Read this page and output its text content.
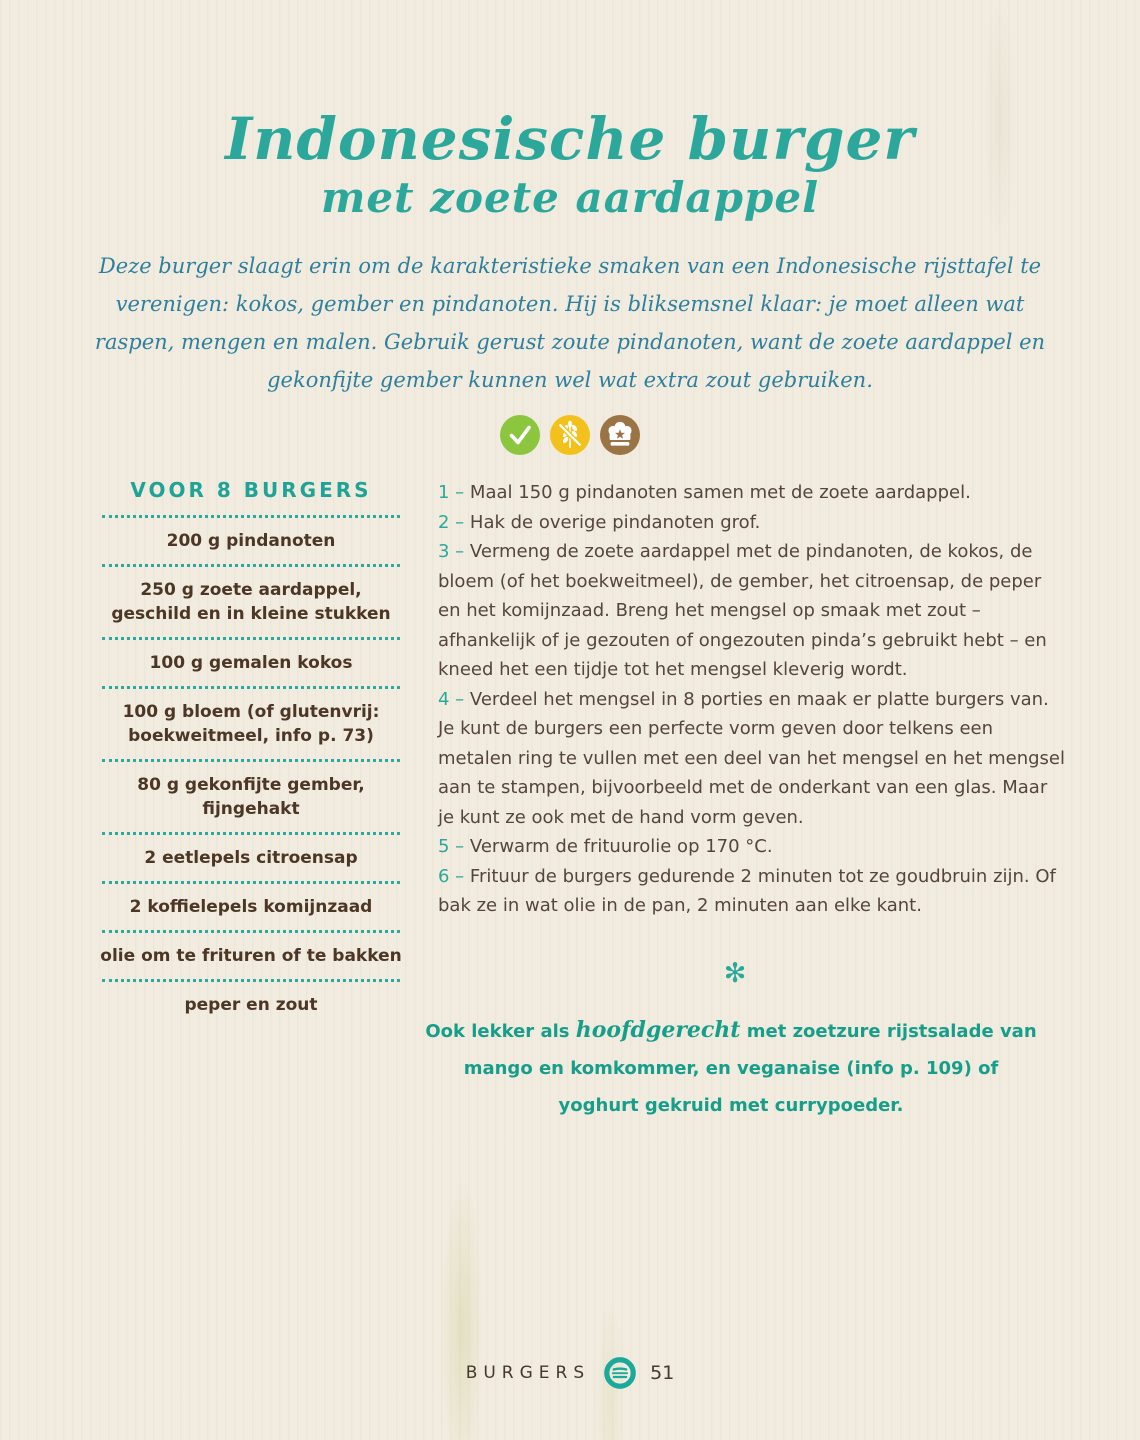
Indonesische burger
met zoete aardappel

Deze burger slaagt erin om de karakteristieke smaken van een Indonesische rijsttafel te verenigen: kokos, gember en pindanoten. Hij is bliksemsnel klaar: je moet alleen wat raspen, mengen en malen. Gebruik gerust zoute pindanoten, want de zoete aardappel en gekonfijte gember kunnen wel wat extra zout gebruiken.

VOOR 8 BURGERS
200 g pindanoten
250 g zoete aardappel, geschild en in kleine stukken
100 g gemalen kokos
100 g bloem (of glutenvrij: boekweitmeel, info p. 73)
80 g gekonfijte gember, fijngehakt
2 eetlepels citroensap
2 koffielepels komijnzaad
olie om te frituren of te bakken
peper en zout

1 – Maal 150 g pindanoten samen met de zoete aardappel.

2 – Hak de overige pindanoten grof.

3 – Vermeng de zoete aardappel met de pindanoten, de kokos, de bloem (of het boekweitmeel), de gember, het citroensap, de peper en het komijnzaad. Breng het mengsel op smaak met zout – afhankelijk of je gezouten of ongezouten pinda’s gebruikt hebt – en kneed het een tijdje tot het mengsel kleverig wordt.

4 – Verdeel het mengsel in 8 porties en maak er platte burgers van. Je kunt de burgers een perfecte vorm geven door telkens een metalen ring te vullen met een deel van het mengsel en het mengsel aan te stampen, bijvoorbeeld met de onderkant van een glas. Maar je kunt ze ook met de hand vorm geven.

5 – Verwarm de frituurolie op 170 °C.

6 – Frituur de burgers gedurende 2 minuten tot ze goudbruin zijn. Of bak ze in wat olie in de pan, 2 minuten aan elke kant.

✻

Ook lekker als hoofdgerecht met zoetzure rijstsalade van mango en komkommer, en veganaise (info p. 109) of yoghurt gekruid met currypoeder.

BURGERS	51
